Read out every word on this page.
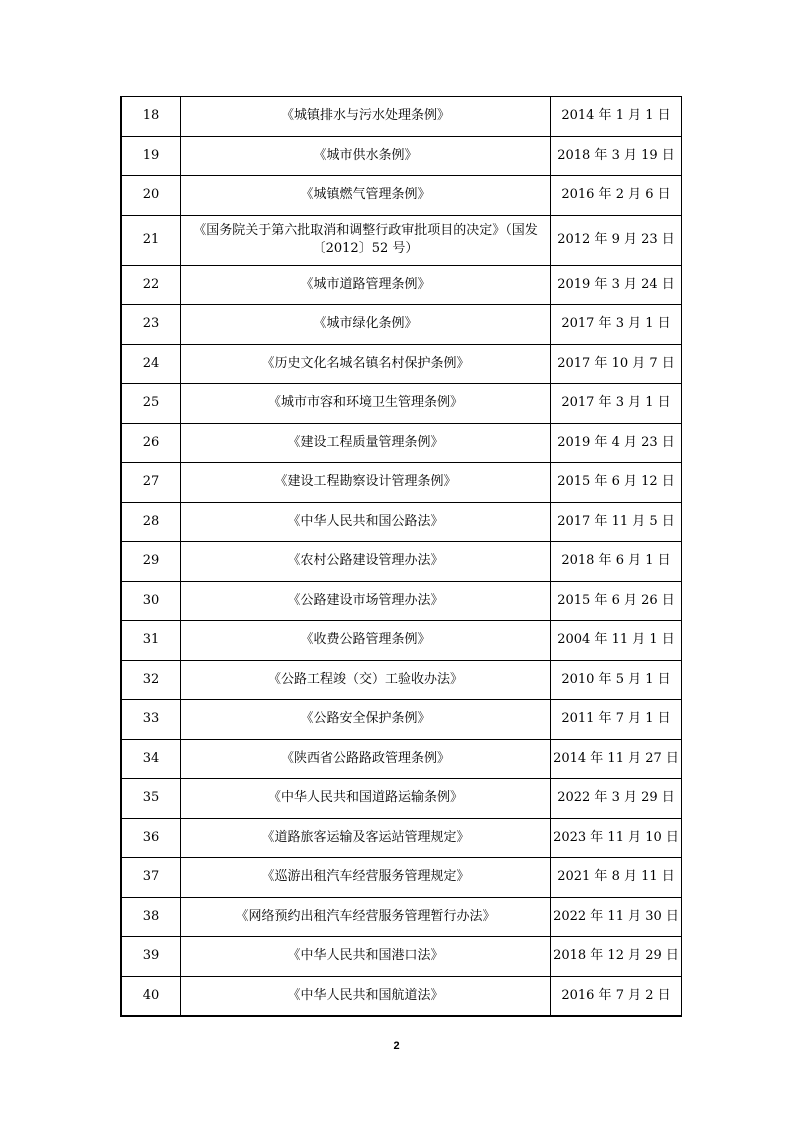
18	《城镇排水与污水处理条例》	2014 年 1 月 1 日
19	《城市供水条例》	2018 年 3 月 19 日
20	《城镇燃气管理条例》	2016 年 2 月 6 日
21	《国务院关于第六批取消和调整行政审批项目的决定》（国发〔2012〕52 号）	2012 年 9 月 23 日
22	《城市道路管理条例》	2019 年 3 月 24 日
23	《城市绿化条例》	2017 年 3 月 1 日
24	《历史文化名城名镇名村保护条例》	2017 年 10 月 7 日
25	《城市市容和环境卫生管理条例》	2017 年 3 月 1 日
26	《建设工程质量管理条例》	2019 年 4 月 23 日
27	《建设工程勘察设计管理条例》	2015 年 6 月 12 日
28	《中华人民共和国公路法》	2017 年 11 月 5 日
29	《农村公路建设管理办法》	2018 年 6 月 1 日
30	《公路建设市场管理办法》	2015 年 6 月 26 日
31	《收费公路管理条例》	2004 年 11 月 1 日
32	《公路工程竣（交）工验收办法》	2010 年 5 月 1 日
33	《公路安全保护条例》	2011 年 7 月 1 日
34	《陕西省公路路政管理条例》	2014 年 11 月 27 日
35	《中华人民共和国道路运输条例》	2022 年 3 月 29 日
36	《道路旅客运输及客运站管理规定》	2023 年 11 月 10 日
37	《巡游出租汽车经营服务管理规定》	2021 年 8 月 11 日
38	《网络预约出租汽车经营服务管理暂行办法》	2022 年 11 月 30 日
39	《中华人民共和国港口法》	2018 年 12 月 29 日
40	《中华人民共和国航道法》	2016 年 7 月 2 日
2
